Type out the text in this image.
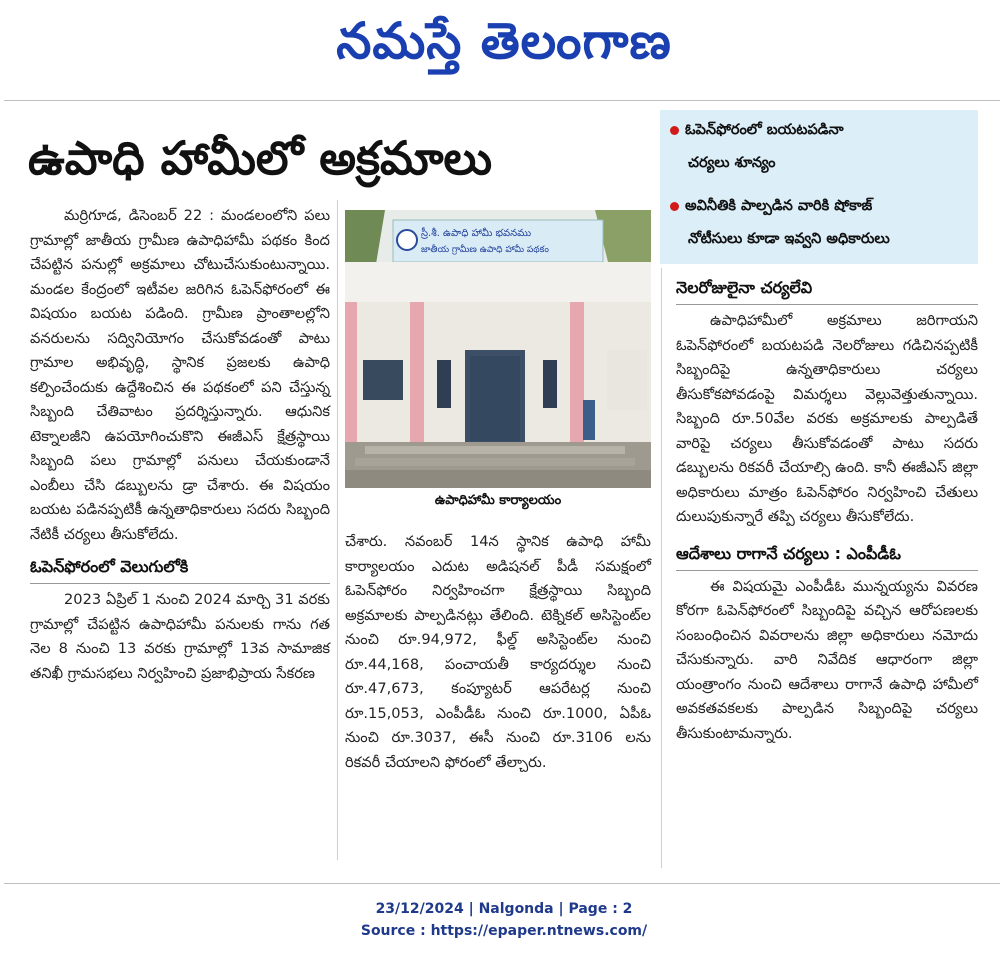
నమస్తే తెలంగాణ
ఉపాధి హామీలో అక్రమాలు
ఓపెన్‌ఫోరంలో బయటపడినా
చర్యలు శూన్యం
అవినీతికి పాల్పడిన వారికి షోకాజ్
నోటీసులు కూడా ఇవ్వని అధికారులు

మర్రిగూడ, డిసెంబర్ 22 : మండలంలోని పలు గ్రామాల్లో జాతీయ గ్రామీణ ఉపాధిహామీ పథకం కింద చేపట్టిన పనుల్లో అక్రమాలు చోటుచేసుకుంటున్నాయి. మండల కేంద్రంలో ఇటీవల జరిగిన ఓపెన్‌ఫోరంలో ఈ విషయం బయట పడింది. గ్రామీణ ప్రాంతాలల్లోని వనరులను సద్వినియోగం చేసుకోవడంతో పాటు గ్రామాల అభివృద్ధి, స్థానిక ప్రజలకు ఉపాధి కల్పించేందుకు ఉద్దేశించిన ఈ పథకంలో పని చేస్తున్న సిబ్బంది చేతివాటం ప్రదర్శిస్తున్నారు. ఆధునిక టెక్నాలజీని ఉపయోగించుకొని ఈజీఎస్ క్షేత్రస్థాయి సిబ్బంది పలు గ్రామాల్లో పనులు చేయకుండానే ఎంబీలు చేసి డబ్బులను డ్రా చేశారు. ఈ విషయం బయట పడినప్పటికీ ఉన్నతాధికారులు సదరు సిబ్బంది నేటికీ చర్యలు తీసుకోలేదు.

ఓపెన్‌ఫోరంలో వెలుగులోకి

2023 ఏప్రిల్ 1 నుంచి 2024 మార్చి 31 వరకు గ్రామాల్లో చేపట్టిన ఉపాధిహామీ పనులకు గాను గత నెల 8 నుంచి 13 వరకు గ్రామాల్లో 13వ సామాజిక తనిఖీ గ్రామసభలు నిర్వహించి ప్రజాభిప్రాయ సేకరణ

స్రీ.శీ. ఉపాధి హామీ భవనము
జాతీయ గ్రామీణ ఉపాధి హామీ పథకం
ఉపాధిహామీ కార్యాలయం

చేశారు. నవంబర్ 14న స్థానిక ఉపాధి హామీ కార్యాలయం ఎదుట అడిషనల్ పీడీ సమక్షంలో ఓపెన్‌ఫోరం నిర్వహించగా క్షేత్రస్థాయి సిబ్బంది అక్రమాలకు పాల్పడినట్లు తేలింది. టెక్నికల్ అసిస్టెంట్‌ల నుంచి రూ.94,972, ఫీల్డ్ అసిస్టెంట్‌ల నుంచి రూ.44,168, పంచాయతీ కార్యదర్శుల నుంచి రూ.47,673, కంప్యూటర్ ఆపరేటర్ల నుంచి రూ.15,053, ఎంపీడీఓ నుంచి రూ.1000, ఏపీఓ నుంచి రూ.3037, ఈసీ నుంచి రూ.3106 లను రికవరీ చేయాలని ఫోరంలో తేల్చారు.

నెలరోజులైనా చర్యలేవి

ఉపాధిహామీలో అక్రమాలు జరిగాయని ఓపెన్‌ఫోరంలో బయటపడి నెలరోజులు గడిచినప్పటికీ సిబ్బందిపై ఉన్నతాధికారులు చర్యలు తీసుకోకపోవడంపై విమర్శలు వెల్లువెత్తుతున్నాయి. సిబ్బంది రూ.50వేల వరకు అక్రమాలకు పాల్పడితే వారిపై చర్యలు తీసుకోవడంతో పాటు సదరు డబ్బులను రికవరీ చేయాల్సి ఉంది. కానీ ఈజీఎస్ జిల్లా అధికారులు మాత్రం ఓపెన్‌ఫోరం నిర్వహించి చేతులు దులుపుకున్నారే తప్పి చర్యలు తీసుకోలేదు.

ఆదేశాలు రాగానే చర్యలు : ఎంపీడీఓ

ఈ విషయమై ఎంపీడీఓ మున్నయ్యను వివరణ కోరగా ఓపెన్‌ఫోరంలో సిబ్బందిపై వచ్చిన ఆరోపణలకు సంబంధించిన వివరాలను జిల్లా అధికారులు నమోదు చేసుకున్నారు. వారి నివేదిక ఆధారంగా జిల్లా యంత్రాంగం నుంచి ఆదేశాలు రాగానే ఉపాధి హామీలో అవకతవకలకు పాల్పడిన సిబ్బందిపై చర్యలు తీసుకుంటామన్నారు.

23/12/2024 | Nalgonda | Page : 2
Source : https://epaper.ntnews.com/
